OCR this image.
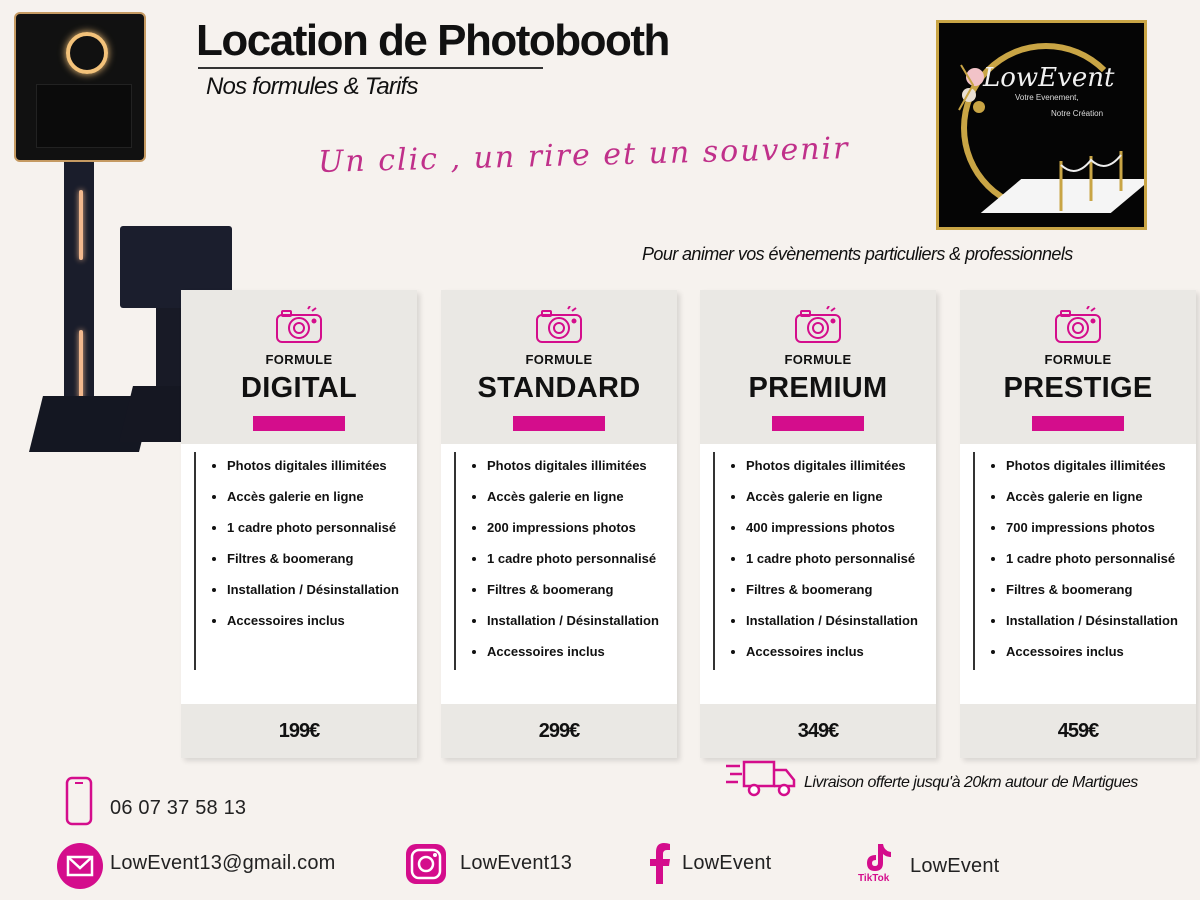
Location de Photobooth
Nos formules & Tarifs
Un clic , un rire et un souvenir
Pour animer vos évènements particuliers & professionnels
LowEvent
Votre Evenement,
Notre Création
FORMULE
DIGITAL
• Photos digitales illimitées
• Accès galerie en ligne
• 1 cadre photo personnalisé
• Filtres & boomerang
• Installation / Désinstallation
• Accessoires inclus
199€
FORMULE
STANDARD
• Photos digitales illimitées
• Accès galerie en ligne
• 200 impressions photos
• 1 cadre photo personnalisé
• Filtres & boomerang
• Installation / Désinstallation
• Accessoires inclus
299€
FORMULE
PREMIUM
• Photos digitales illimitées
• Accès galerie en ligne
• 400 impressions photos
• 1 cadre photo personnalisé
• Filtres & boomerang
• Installation / Désinstallation
• Accessoires inclus
349€
FORMULE
PRESTIGE
• Photos digitales illimitées
• Accès galerie en ligne
• 700 impressions photos
• 1 cadre photo personnalisé
• Filtres & boomerang
• Installation / Désinstallation
• Accessoires inclus
459€
Livraison offerte jusqu'à 20km autour de Martigues
06 07 37 58 13
LowEvent13@gmail.com	LowEvent13	LowEvent
TikTok
LowEvent
